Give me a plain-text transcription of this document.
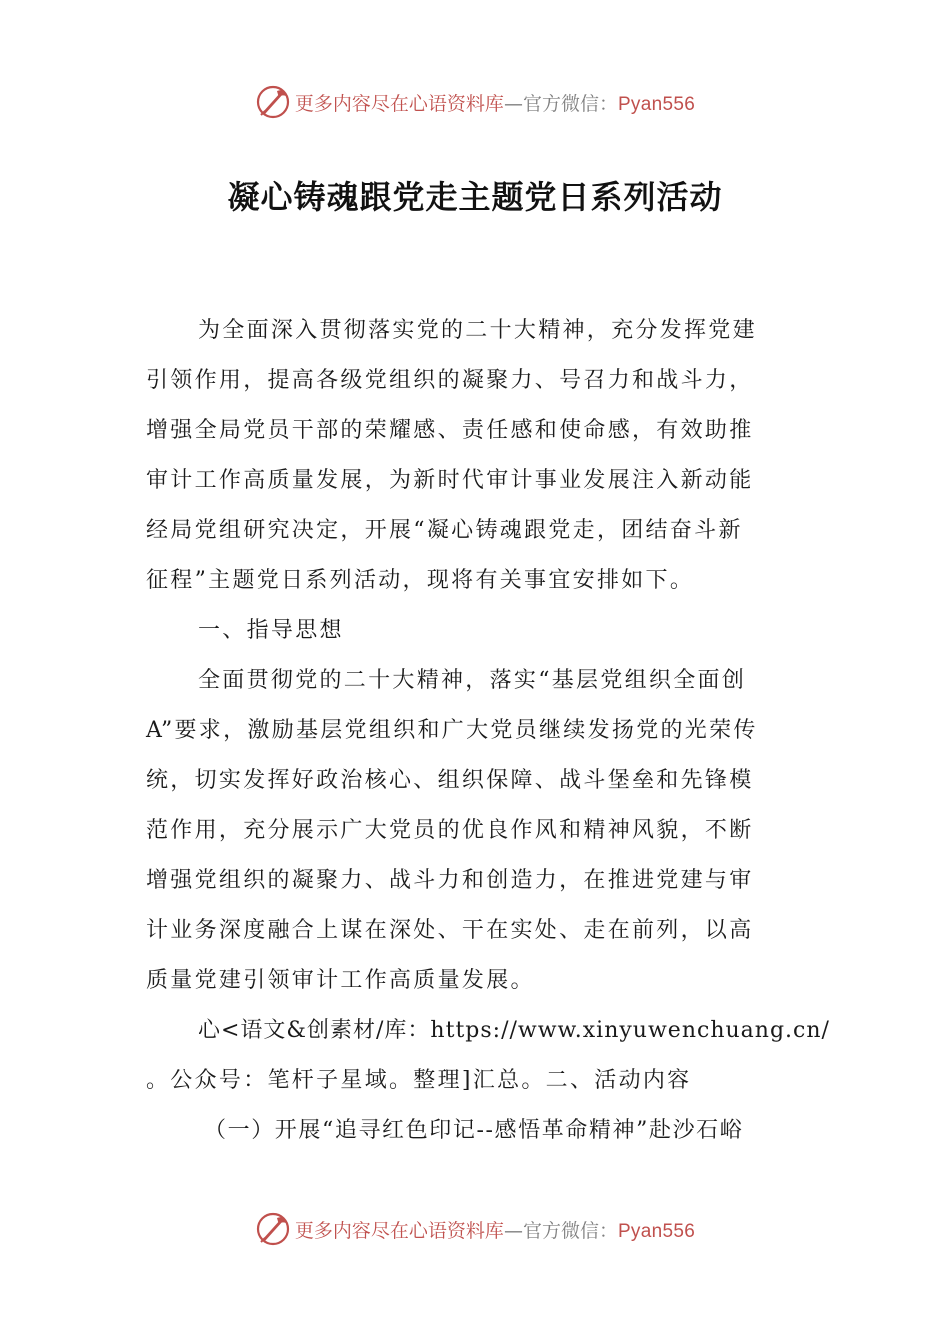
更多内容尽在心语资料库—官方微信：Pyan556
凝心铸魂跟党走主题党日系列活动
为全面深入贯彻落实党的二十大精神，充分发挥党建
引领作用，提高各级党组织的凝聚力、号召力和战斗力，
增强全局党员干部的荣耀感、责任感和使命感，有效助推
审计工作高质量发展，为新时代审计事业发展注入新动能
经局党组研究决定，开展“凝心铸魂跟党走，团结奋斗新
征程”主题党日系列活动，现将有关事宜安排如下。
一、指导思想
全面贯彻党的二十大精神，落实“基层党组织全面创
A”要求，激励基层党组织和广大党员继续发扬党的光荣传
统，切实发挥好政治核心、组织保障、战斗堡垒和先锋模
范作用，充分展示广大党员的优良作风和精神风貌，不断
增强党组织的凝聚力、战斗力和创造力，在推进党建与审
计业务深度融合上谋在深处、干在实处、走在前列，以高
质量党建引领审计工作高质量发展。
心<语文&创素材/库：https://www.xinyuwenchuang.cn/
。公众号：笔杆子星域。整理]汇总。二、活动内容
（一）开展“追寻红色印记--感悟革命精神”赴沙石峪
更多内容尽在心语资料库—官方微信：Pyan556
